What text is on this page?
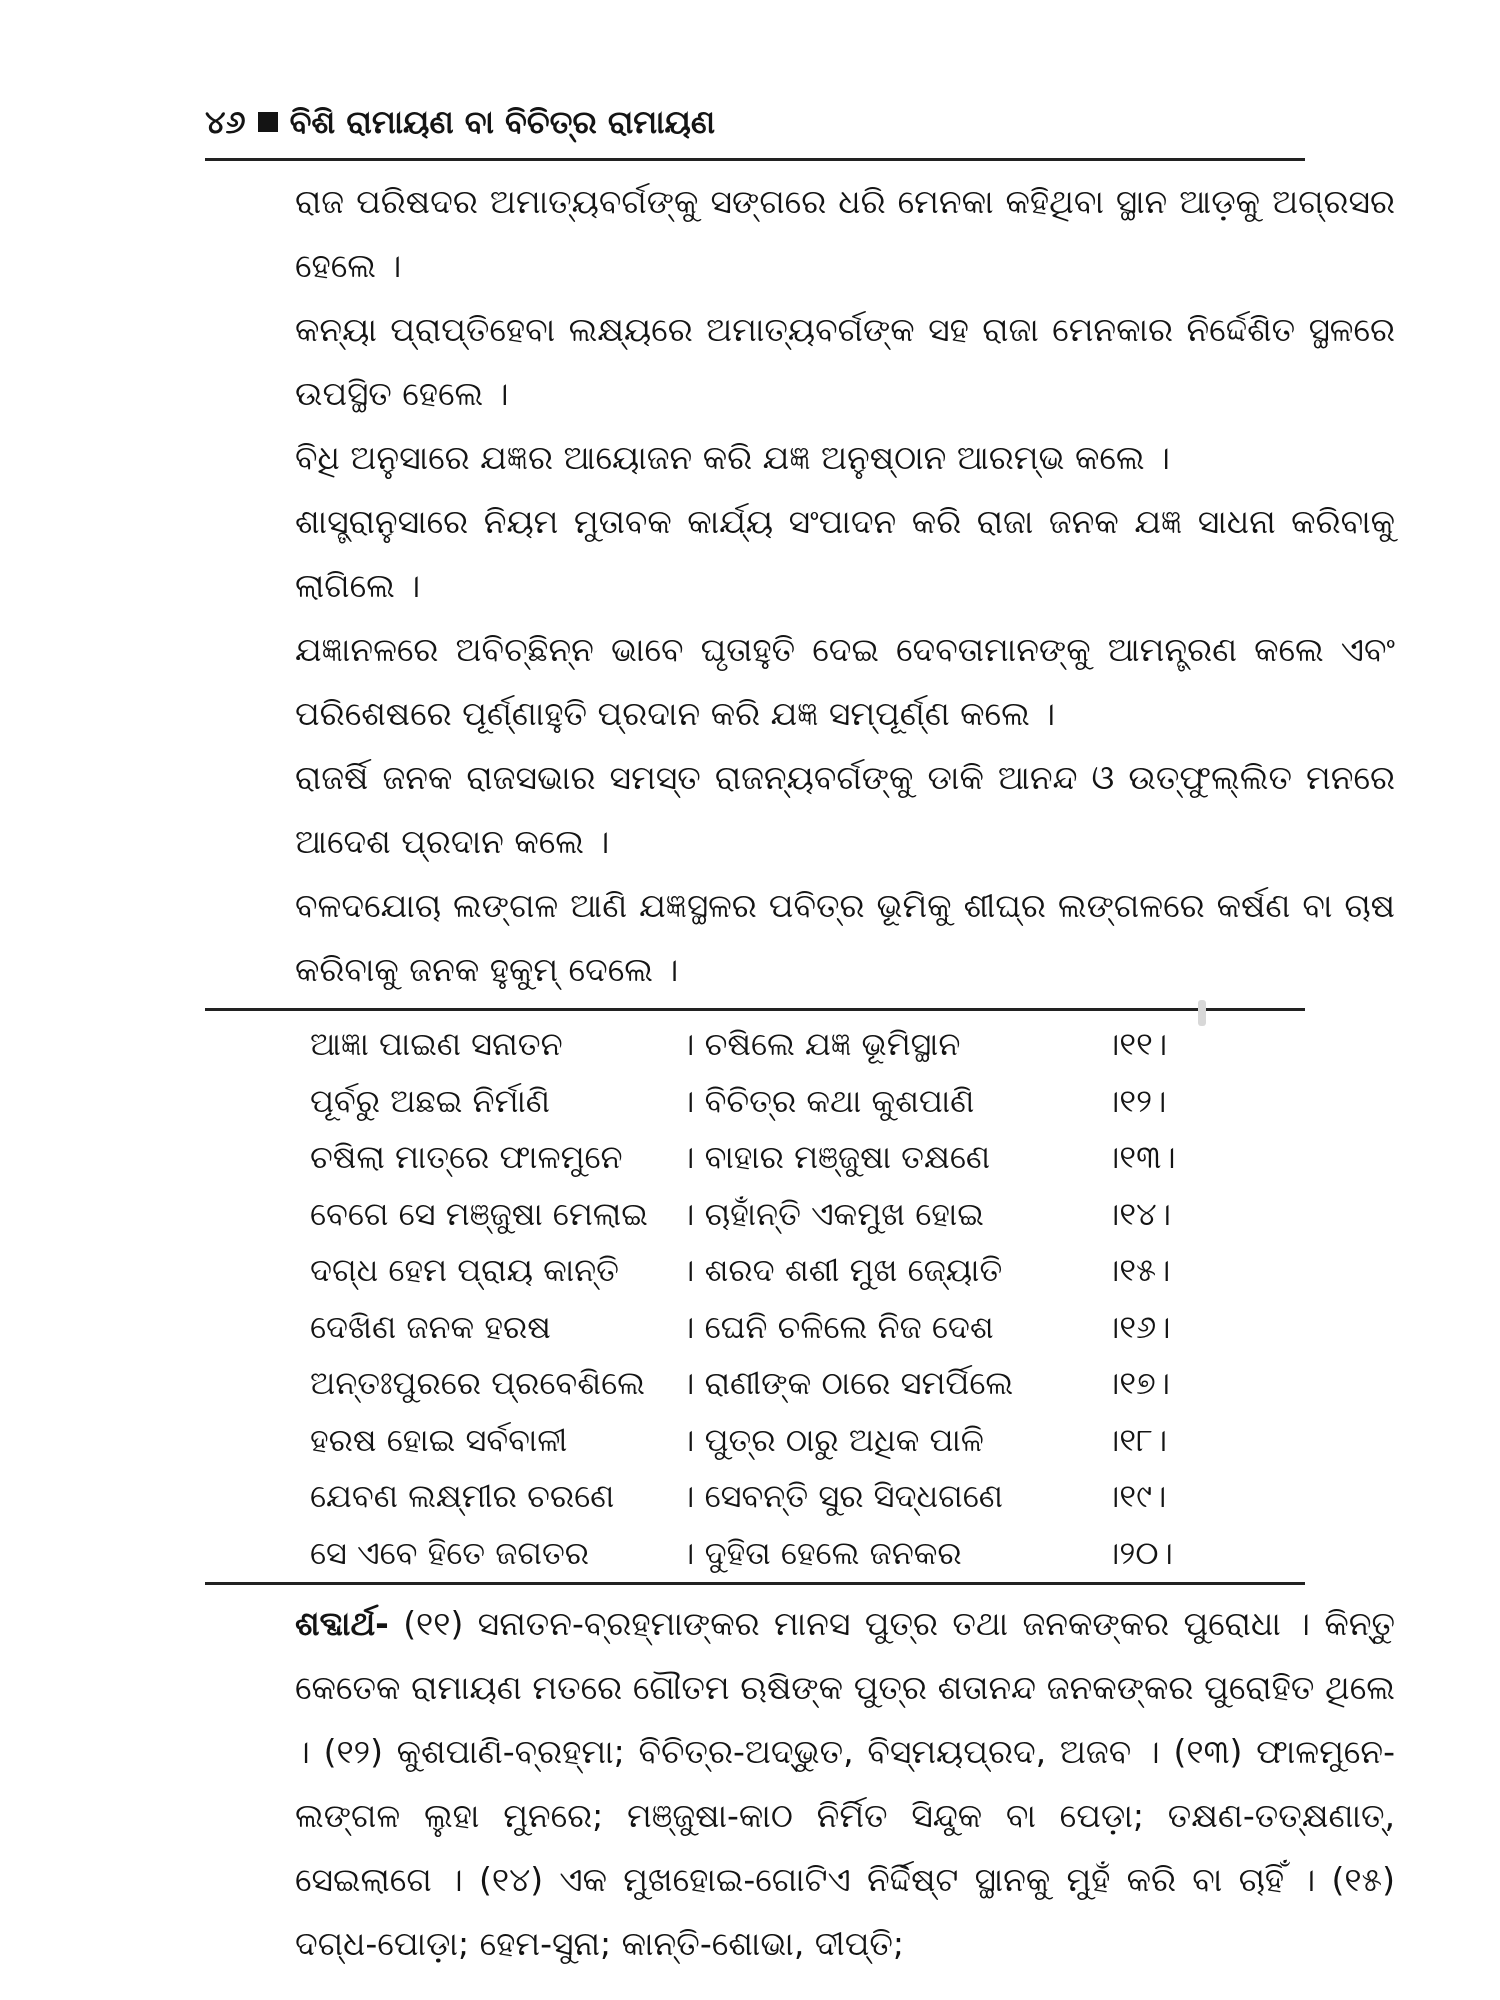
୪୬ ବିଶି ରାମାୟଣ ବା ବିଚିତ୍ର ରାମାୟଣ
ରାଜ ପରିଷଦର ଅମାତ୍ୟବର୍ଗଙ୍କୁ ସଙ୍ଗରେ ଧରି ମେନକା କହିଥିବା ସ୍ଥାନ ଆଡ଼କୁ ଅଗ୍ରସର ହେଲେ ।
କନ୍ୟା ପ୍ରାପ୍ତିହେବା ଲକ୍ଷ୍ୟରେ ଅମାତ୍ୟବର୍ଗଙ୍କ ସହ ରାଜା ମେନକାର ନିର୍ଦ୍ଦେଶିତ ସ୍ଥଳରେ ଉପସ୍ଥିତ ହେଲେ ।
ବିଧି ଅନୁସାରେ ଯଜ୍ଞର ଆୟୋଜନ କରି ଯଜ୍ଞ ଅନୁଷ୍ଠାନ ଆରମ୍ଭ କଲେ ।
ଶାସ୍ତ୍ରାନୁସାରେ ନିୟମ ମୁତାବକ କାର୍ଯ୍ୟ ସଂପାଦନ କରି ରାଜା ଜନକ ଯଜ୍ଞ ସାଧନା କରିବାକୁ ଲାଗିଲେ ।
ଯଜ୍ଞାନଳରେ ଅବିଚ୍ଛିନ୍ନ ଭାବେ ଘୃତାହୁତି ଦେଇ ଦେବତାମାନଙ୍କୁ ଆମନ୍ତ୍ରଣ କଲେ ଏବଂ ପରିଶେଷରେ ପୂର୍ଣ୍ଣାହୁତି ପ୍ରଦାନ କରି ଯଜ୍ଞ ସମ୍ପୂର୍ଣ୍ଣ କଲେ ।
ରାଜର୍ଷି ଜନକ ରାଜସଭାର ସମସ୍ତ ରାଜନ୍ୟବର୍ଗଙ୍କୁ ଡାକି ଆନନ୍ଦ ଓ ଉତ୍‌ଫୁଲ୍ଲିତ ମନରେ ଆଦେଶ ପ୍ରଦାନ କଲେ ।
ବଳଦଯୋଚା ଲଙ୍ଗଳ ଆଣି ଯଜ୍ଞସ୍ଥଳର ପବିତ୍ର ଭୂମିକୁ ଶୀଘ୍ର ଲଙ୍ଗଳରେ କର୍ଷଣ ବା ଚାଷ କରିବାକୁ ଜନକ ହୁକୁମ୍ ଦେଲେ ।
ଆଜ୍ଞା ପାଇଣ ସନାତନ	। ଚଷିଲେ ଯଜ୍ଞ ଭୂମିସ୍ଥାନ	।୧୧।
ପୂର୍ବରୁ ଅଛଇ ନିର୍ମାଣି	। ବିଚିତ୍ର କଥା କୁଶପାଣି	।୧୨।
ଚଷିଲା ମାତ୍ରେ ଫାଳମୁନେ । ବାହାର ମଞ୍ଜୁଷା ତକ୍ଷଣେ	।୧୩।
ବେଗେ ସେ ମଞ୍ଜୁଷା ମେଲାଇ । ଚାହାଁନ୍ତି ଏକମୁଖ ହୋଇ	।୧୪।
ଦଗ୍ଧ ହେମ ପ୍ରାୟ କାନ୍ତି । ଶରଦ ଶଶୀ ମୁଖ ଜ୍ୟୋତି	।୧୫।
ଦେଖିଣ ଜନକ ହରଷ	। ଘେନି ଚଳିଲେ ନିଜ ଦେଶ	।୧୬।
ଅନ୍ତଃପୁରରେ ପ୍ରବେଶିଲେ । ରାଣୀଙ୍କ ଠାରେ ସମର୍ପିଲେ	।୧୭।
ହରଷ ହୋଇ ସର୍ବବାଳୀ	। ପୁତ୍ର ଠାରୁ ଅଧିକ ପାଳି	।୧୮।
ଯେବଣ ଲକ୍ଷ୍ମୀର ଚରଣେ । ସେବନ୍ତି ସୁର ସିଦ୍ଧଗଣେ	।୧୯।
ସେ ଏବେ ହିତେ ଜଗତର	। ଦୁହିତା ହେଲେ ଜନକର	।୨୦।
ଶବ୍ଦାର୍ଥ- (୧୧) ସନାତନ-ବ୍ରହ୍ମାଙ୍କର ମାନସ ପୁତ୍ର ତଥା ଜନକଙ୍କର ପୁରୋଧା । କିନ୍ତୁ କେତେକ ରାମାୟଣ ମତରେ ଗୌତମ ଋଷିଙ୍କ ପୁତ୍ର ଶତାନନ୍ଦ ଜନକଙ୍କର ପୁରୋହିତ ଥିଲେ । (୧୨) କୁଶପାଣି-ବ୍ରହ୍ମା; ବିଚିତ୍ର-ଅଦ୍ଭୁତ, ବିସ୍ମୟପ୍ରଦ, ଅଜବ । (୧୩) ଫାଳମୁନେ-ଲଙ୍ଗଳ ଲୁହା ମୁନରେ; ମଞ୍ଜୁଷା-କାଠ ନିର୍ମିତ ସିନ୍ଦୁକ ବା ପେଡ଼ା; ତକ୍ଷଣ-ତତ୍‌କ୍ଷଣାତ୍, ସେଇଲାଗେ । (୧୪) ଏକ ମୁଖହୋଇ-ଗୋଟିଏ ନିର୍ଦ୍ଦିଷ୍ଟ ସ୍ଥାନକୁ ମୁହଁ କରି ବା ଚାହିଁ । (୧୫) ଦଗ୍ଧ-ପୋଡ଼ା; ହେମ-ସୁନା; କାନ୍ତି-ଶୋଭା, ଦୀପ୍ତି;
